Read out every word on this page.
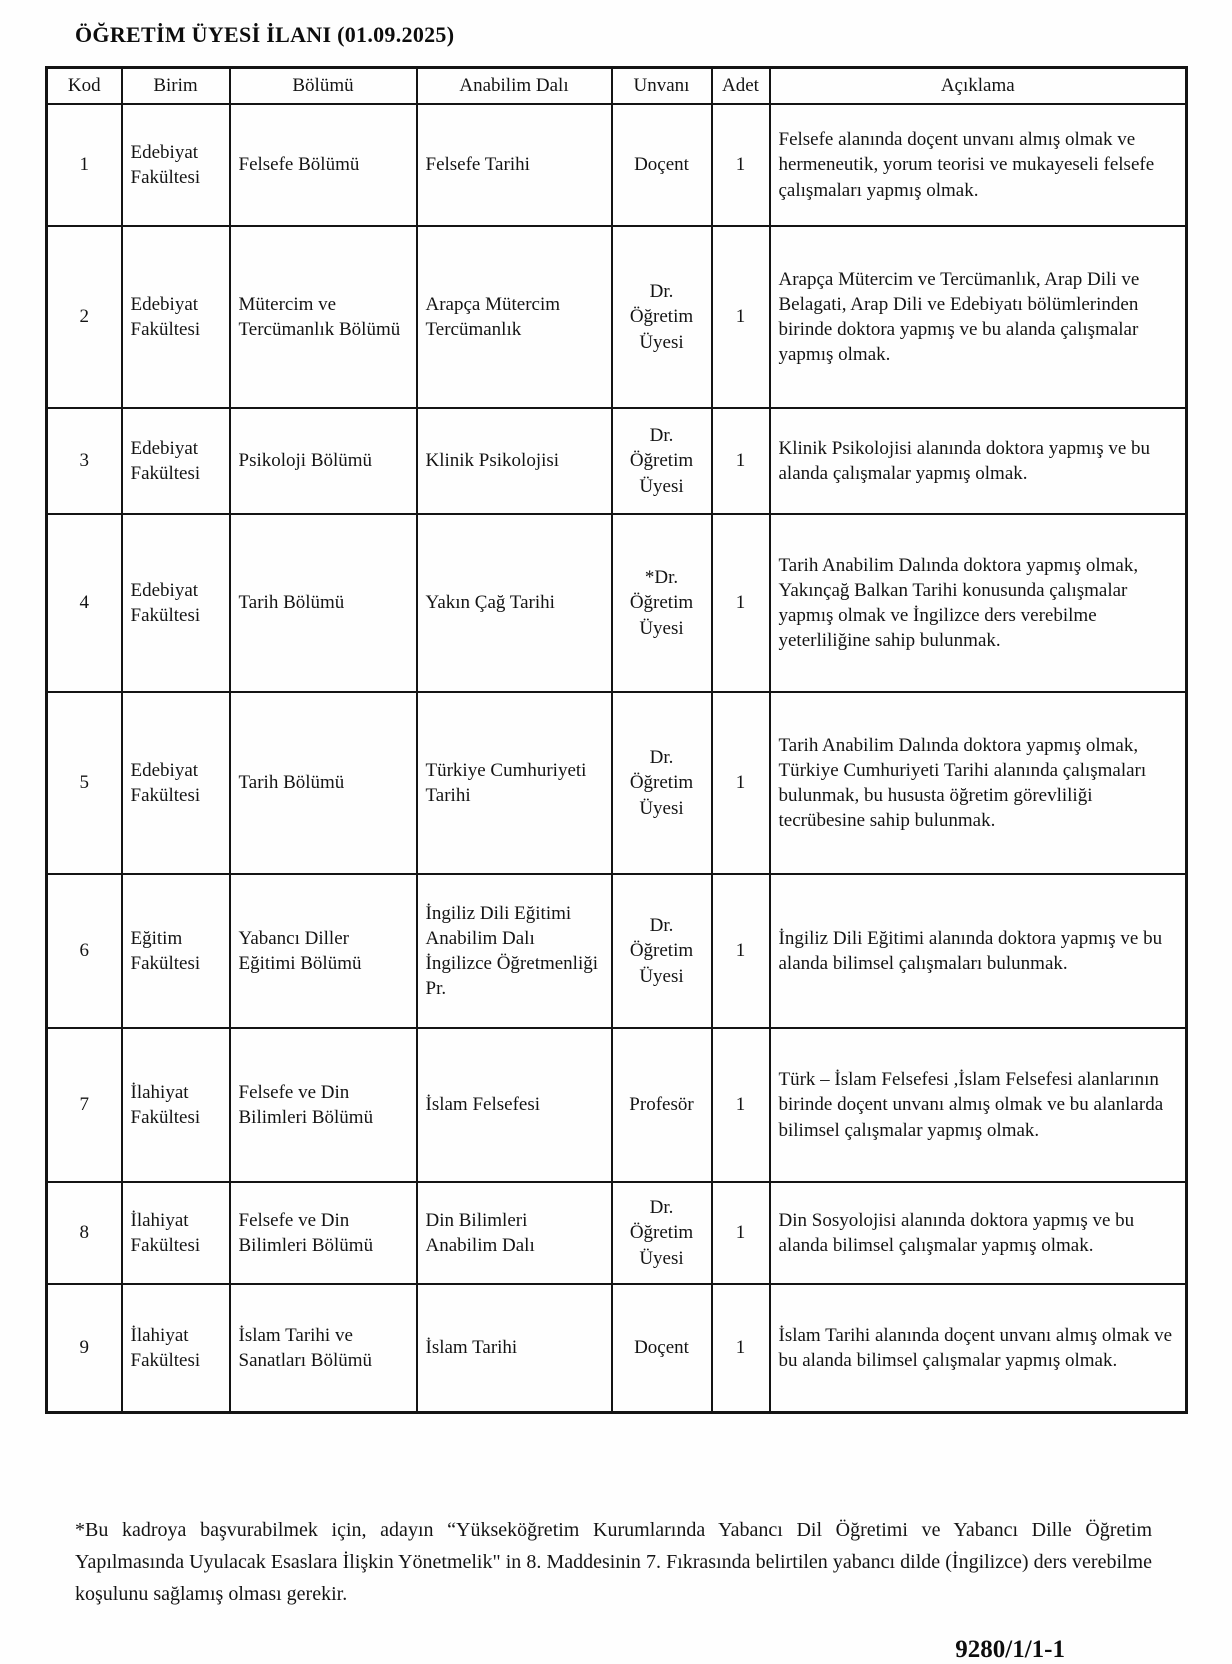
ÖĞRETİM ÜYESİ İLANI (01.09.2025)
Kod	Birim	Bölümü	Anabilim Dalı	Unvanı	Adet	Açıklama
1	Edebiyat Fakültesi	Felsefe Bölümü	Felsefe Tarihi	Doçent	1	Felsefe alanında doçent unvanı almış olmak ve hermeneutik, yorum teorisi ve mukayeseli felsefe çalışmaları yapmış olmak.
2	Edebiyat Fakültesi	Mütercim ve Tercümanlık Bölümü	Arapça Mütercim Tercümanlık	Dr. Öğretim Üyesi	1	Arapça Mütercim ve Tercümanlık, Arap Dili ve Belagati, Arap Dili ve Edebiyatı bölümlerinden birinde doktora yapmış ve bu alanda çalışmalar yapmış olmak.
3	Edebiyat Fakültesi	Psikoloji Bölümü	Klinik Psikolojisi	Dr. Öğretim Üyesi	1	Klinik Psikolojisi alanında doktora yapmış ve bu alanda çalışmalar yapmış olmak.
4	Edebiyat Fakültesi	Tarih Bölümü	Yakın Çağ Tarihi	*Dr. Öğretim Üyesi	1	Tarih Anabilim Dalında doktora yapmış olmak, Yakınçağ Balkan Tarihi konusunda çalışmalar yapmış olmak ve İngilizce ders verebilme yeterliliğine sahip bulunmak.
5	Edebiyat Fakültesi	Tarih Bölümü	Türkiye Cumhuriyeti Tarihi	Dr. Öğretim Üyesi	1	Tarih Anabilim Dalında doktora yapmış olmak, Türkiye Cumhuriyeti Tarihi alanında çalışmaları bulunmak, bu hususta öğretim görevliliği tecrübesine sahip bulunmak.
6	Eğitim Fakültesi	Yabancı Diller Eğitimi Bölümü	İngiliz Dili Eğitimi Anabilim Dalı İngilizce Öğretmenliği Pr.	Dr. Öğretim Üyesi	1	İngiliz Dili Eğitimi alanında doktora yapmış ve bu alanda bilimsel çalışmaları bulunmak.
7	İlahiyat Fakültesi	Felsefe ve Din Bilimleri Bölümü	İslam Felsefesi	Profesör	1	Türk – İslam Felsefesi ,İslam Felsefesi alanlarının birinde doçent unvanı almış olmak ve bu alanlarda bilimsel çalışmalar yapmış olmak.
8	İlahiyat Fakültesi	Felsefe ve Din Bilimleri Bölümü	Din Bilimleri Anabilim Dalı	Dr. Öğretim Üyesi	1	Din Sosyolojisi alanında doktora yapmış ve bu alanda bilimsel çalışmalar yapmış olmak.
9	İlahiyat Fakültesi	İslam Tarihi ve Sanatları Bölümü	İslam Tarihi	Doçent	1	İslam Tarihi alanında doçent unvanı almış olmak ve bu alanda bilimsel çalışmalar yapmış olmak.

*Bu kadroya başvurabilmek için, adayın “Yükseköğretim Kurumlarında Yabancı Dil Öğretimi ve Yabancı Dille Öğretim Yapılmasında Uyulacak Esaslara İlişkin Yönetmelik" in 8. Maddesinin 7. Fıkrasında belirtilen yabancı dilde (İngilizce) ders verebilme koşulunu sağlamış olması gerekir.

9280/1/1-1
